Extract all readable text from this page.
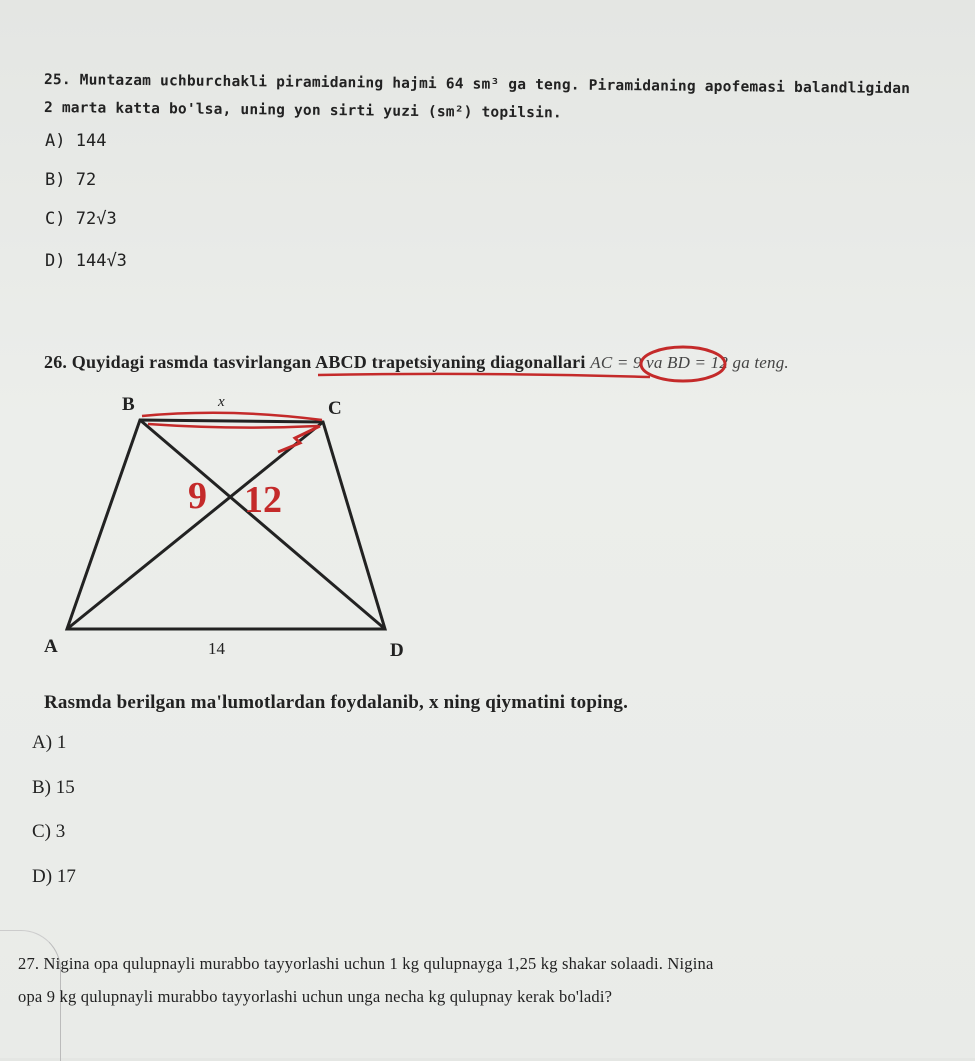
25. Muntazam uchburchakli piramidaning hajmi 64 sm³ ga teng. Piramidaning apofemasi balandligidan
2 marta katta bo'lsa, uning yon sirti yuzi (sm²) topilsin.
A) 144
B) 72
C) 72√3
D) 144√3
26. Quyidagi rasmda tasvirlangan ABCD trapetsiyaning diagonallari AC = 9 va BD = 12 ga teng.
B	C
A	D
x
14
9 12
Rasmda berilgan ma'lumotlardan foydalanib, x ning qiymatini toping.
A) 1
B) 15
C) 3
D) 17
27. Nigina opa qulupnayli murabbo tayyorlashi uchun 1 kg qulupnayga 1,25 kg shakar solaadi. Nigina
opa 9 kg qulupnayli murabbo tayyorlashi uchun unga necha kg qulupnay kerak bo'ladi?
